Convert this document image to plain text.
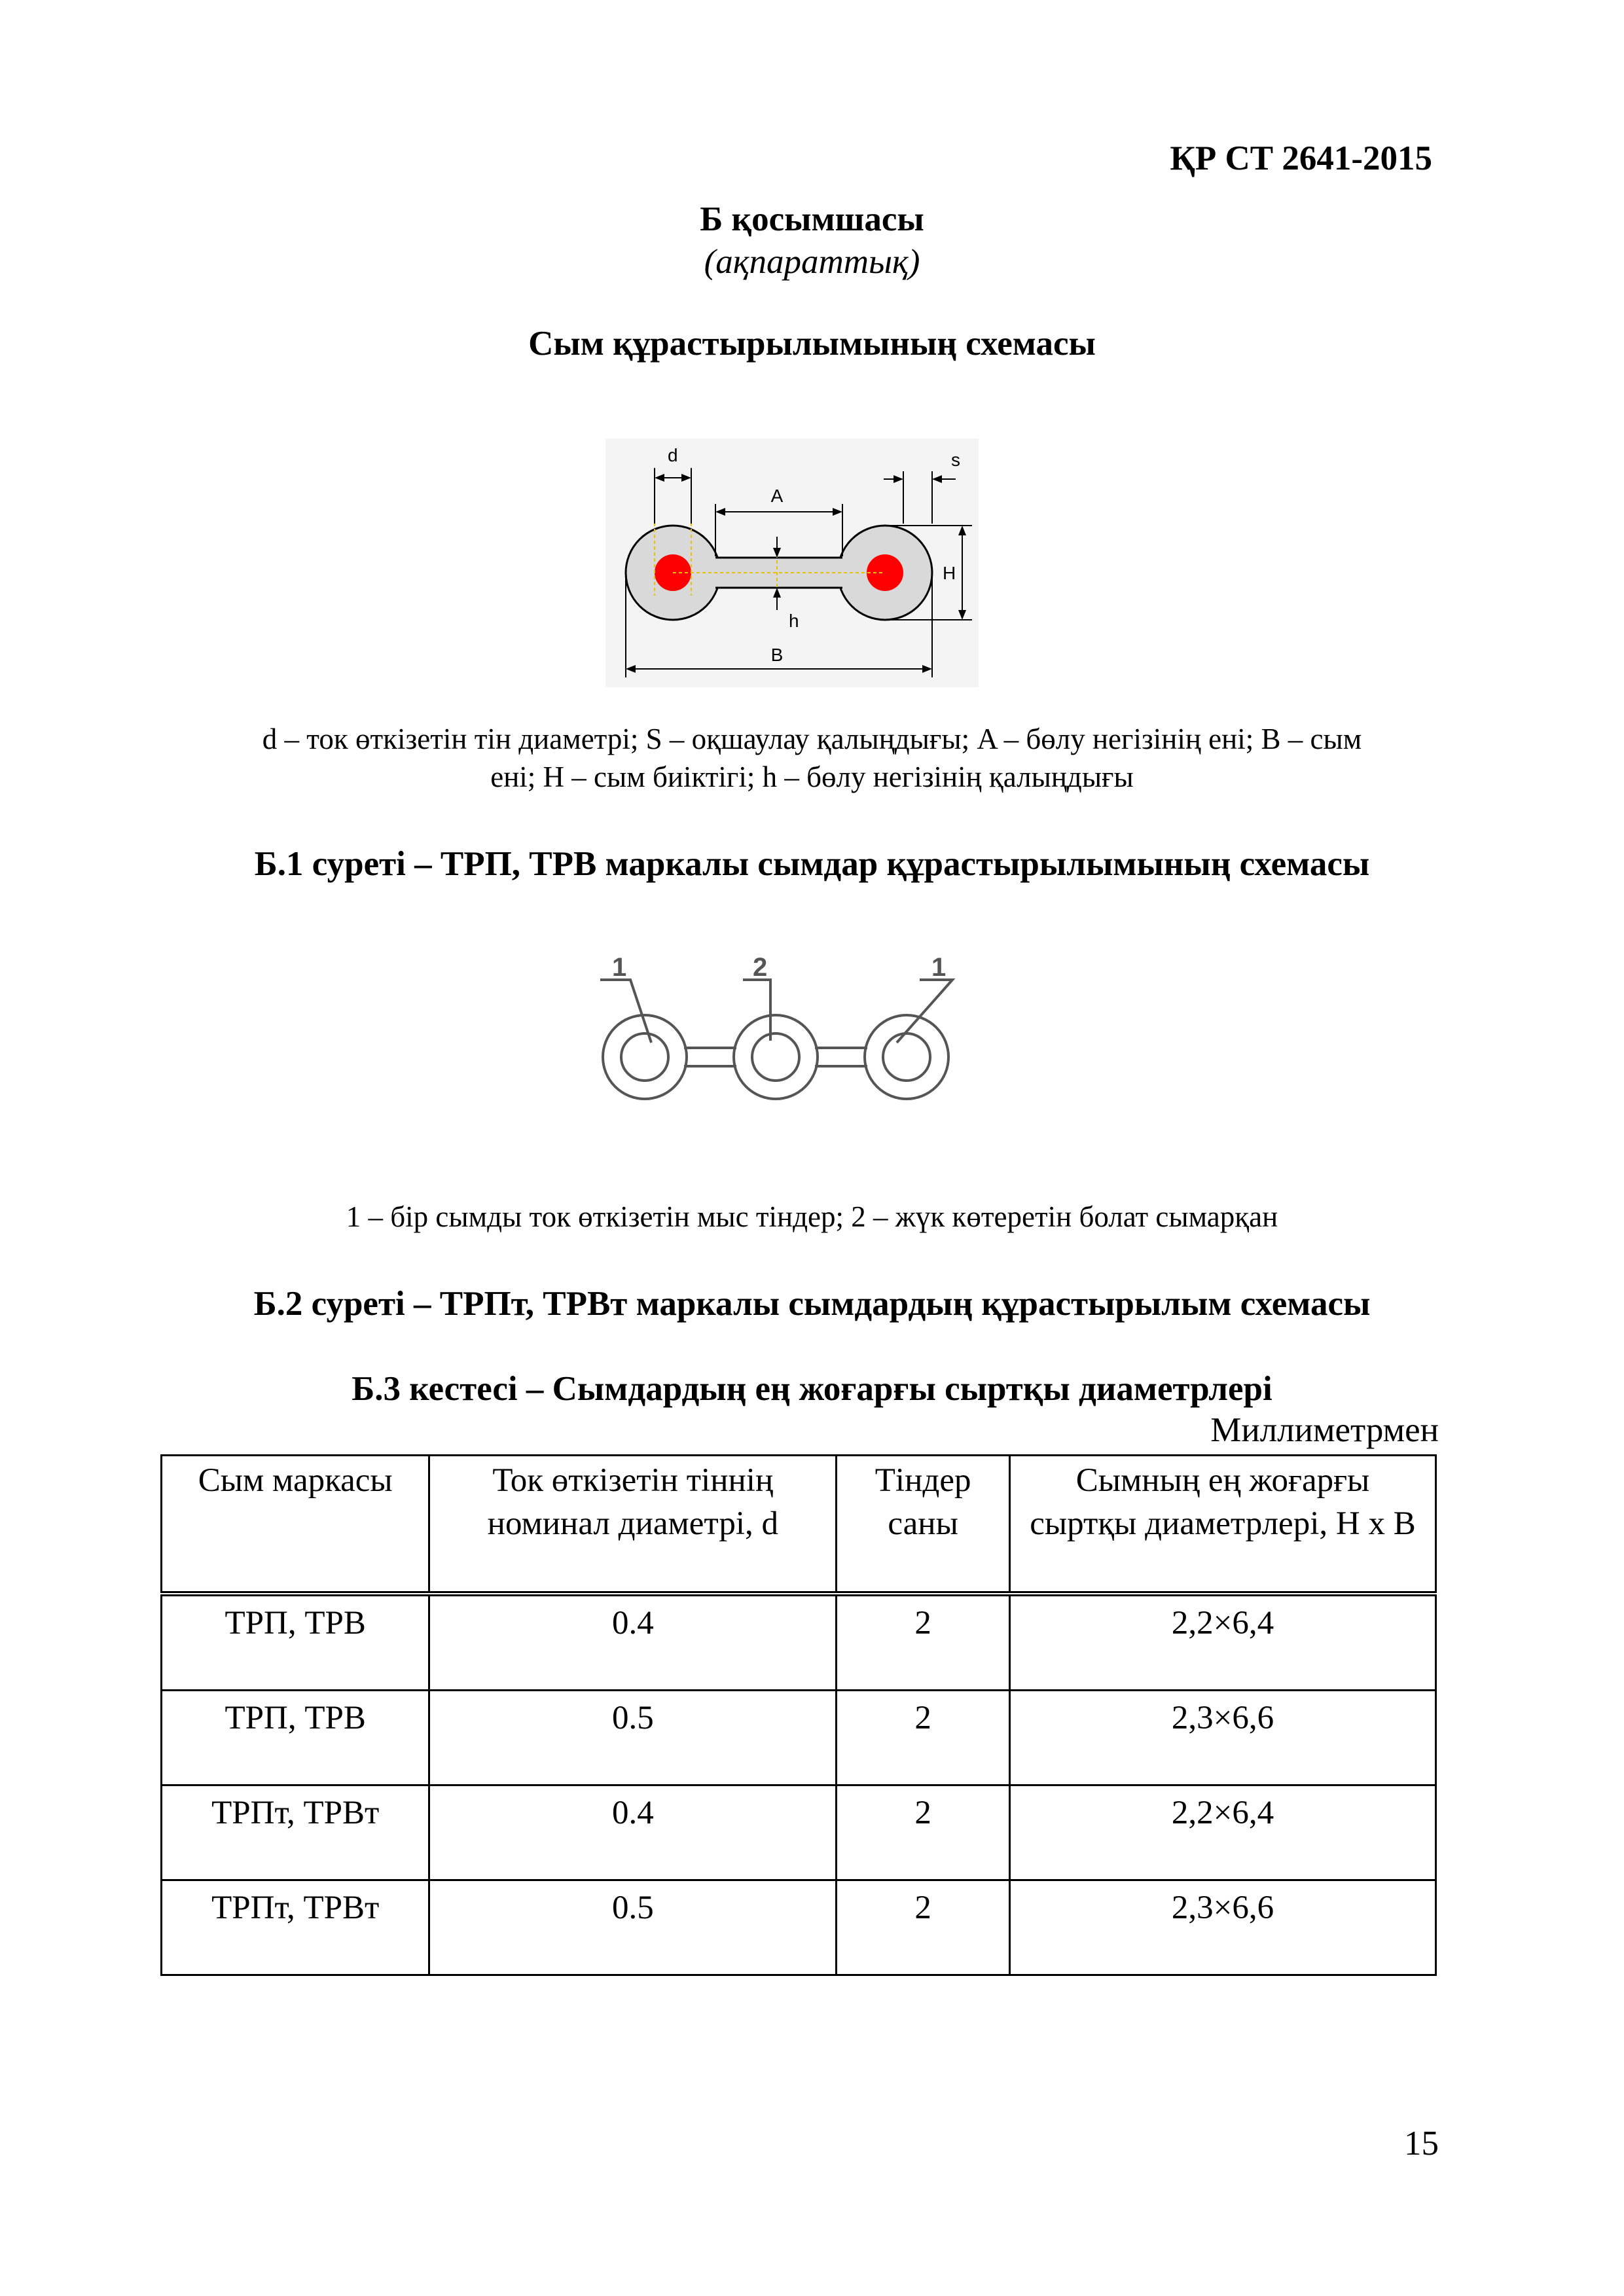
ҚР СТ 2641-2015
Б қосымшасы
(ақпараттық)
Сым құрастырылымының схемасы
d
A
s
H
h
B
d – ток өткізетін тін диаметрі; S – оқшаулау қалыңдығы; A – бөлу негізінің ені; B – сым
ені; H – сым биіктігі; h – бөлу негізінің қалыңдығы
Б.1 суреті – ТРП, ТРВ маркалы сымдар құрастырылымының схемасы
1	2	1
1 – бір сымды ток өткізетін мыс тіндер; 2 – жүк көтеретін болат сымарқан
Б.2 суреті – ТРПт, ТРВт маркалы сымдардың құрастырылым схемасы
Б.3 кестесі – Сымдардың ең жоғарғы сыртқы диаметрлері
Миллиметрмен
Сым маркасы	Ток өткізетін тіннің номинал диаметрі, d	Тіндер саны	Сымның ең жоғарғы сыртқы диаметрлері, H х B
ТРП, ТРВ	0.4	2	2,2×6,4
ТРП, ТРВ	0.5	2	2,3×6,6
ТРПт, ТРВт	0.4	2	2,2×6,4
ТРПт, ТРВт	0.5	2	2,3×6,6
15
